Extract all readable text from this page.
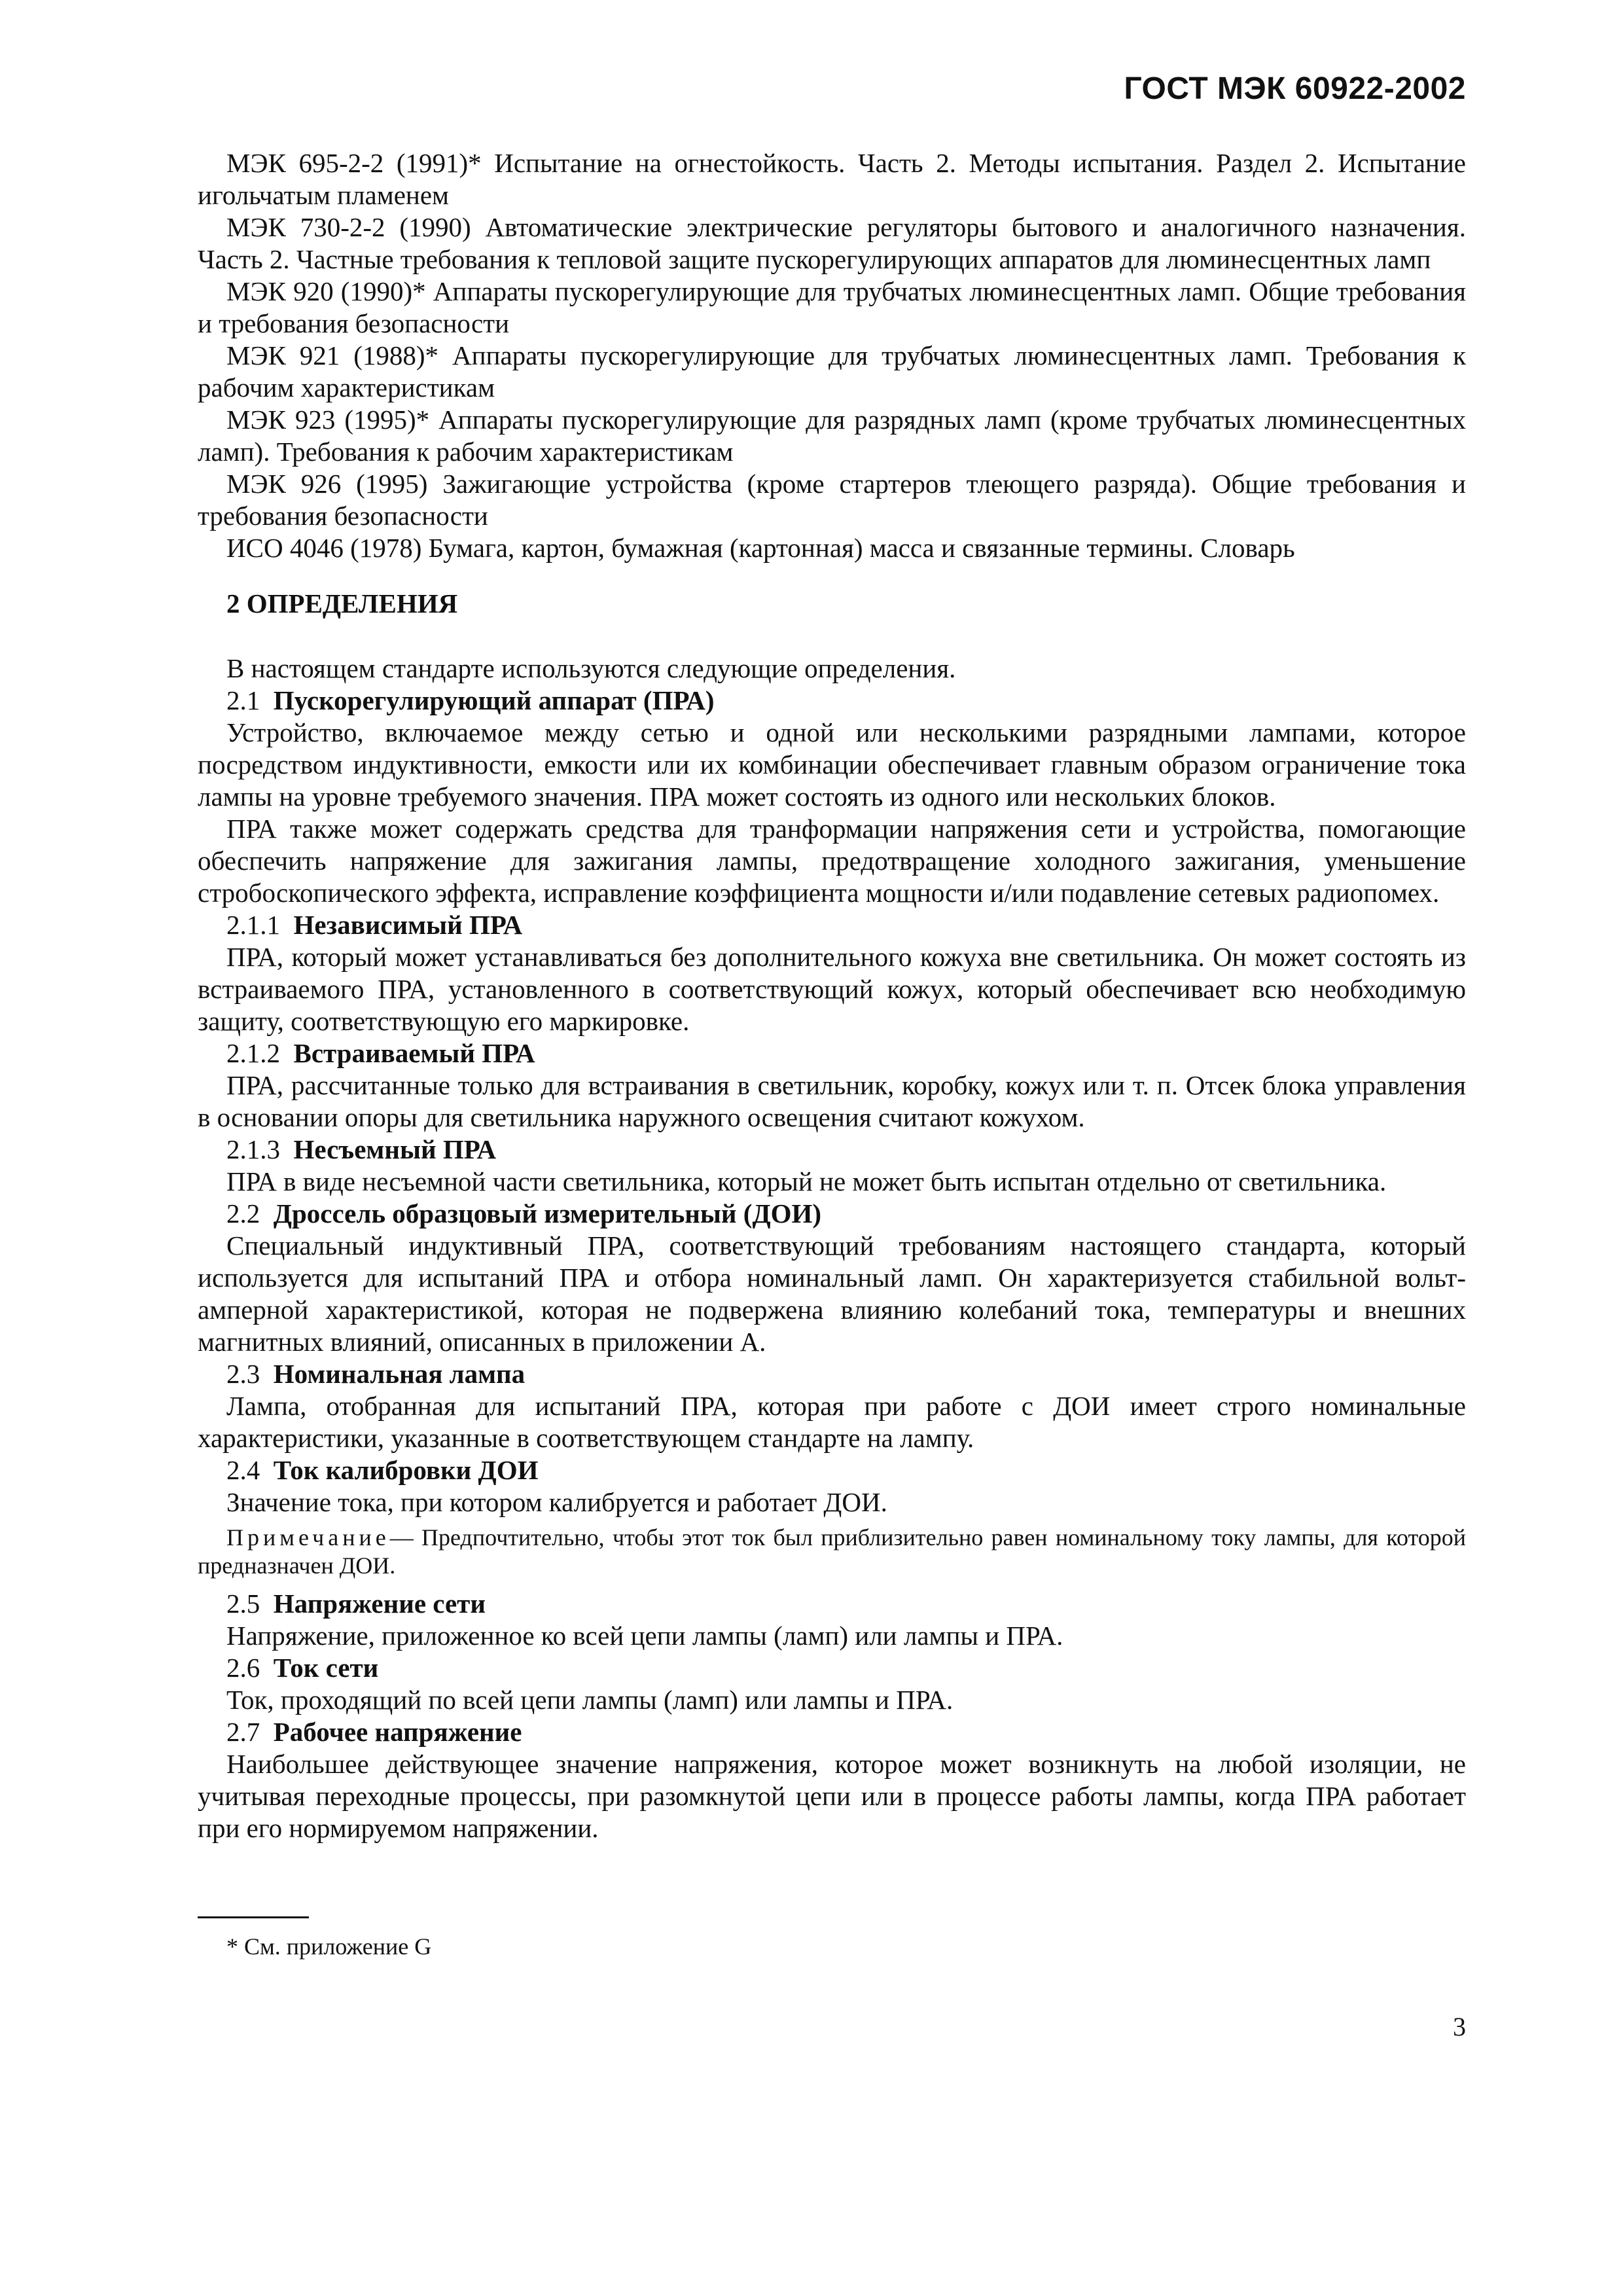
ГОСТ МЭК 60922-2002

МЭК 695-2-2 (1991)* Испытание на огнестойкость. Часть 2. Методы испытания. Раздел 2. Испытание игольчатым пламенем

МЭК 730-2-2 (1990) Автоматические электрические регуляторы бытового и аналогичного назначения. Часть 2. Частные требования к тепловой защите пускорегулирующих аппаратов для люминесцентных ламп

МЭК 920 (1990)* Аппараты пускорегулирующие для трубчатых люминесцентных ламп. Общие требования и требования безопасности

МЭК 921 (1988)* Аппараты пускорегулирующие для трубчатых люминесцентных ламп. Требования к рабочим характеристикам

МЭК 923 (1995)* Аппараты пускорегулирующие для разрядных ламп (кроме трубчатых люминесцентных ламп). Требования к рабочим характеристикам

МЭК 926 (1995) Зажигающие устройства (кроме стартеров тлеющего разряда). Общие требования и требования безопасности

ИСО 4046 (1978) Бумага, картон, бумажная (картонная) масса и связанные термины. Словарь

2 ОПРЕДЕЛЕНИЯ

В настоящем стандарте используются следующие определения.

2.1 Пускорегулирующий аппарат (ПРА)

Устройство, включаемое между сетью и одной или несколькими разрядными лампами, которое посредством индуктивности, емкости или их комбинации обеспечивает главным образом ограничение тока лампы на уровне требуемого значения. ПРА может состоять из одного или нескольких блоков.

ПРА также может содержать средства для транформации напряжения сети и устройства, помогающие обеспечить напряжение для зажигания лампы, предотвращение холодного зажигания, уменьшение стробоскопического эффекта, исправление коэффициента мощности и/или подавление сетевых радиопомех.

2.1.1 Независимый ПРА

ПРА, который может устанавливаться без дополнительного кожуха вне светильника. Он может состоять из встраиваемого ПРА, установленного в соответствующий кожух, который обеспечивает всю необходимую защиту, соответствующую его маркировке.

2.1.2 Встраиваемый ПРА

ПРА, рассчитанные только для встраивания в светильник, коробку, кожух или т. п. Отсек блока управления в основании опоры для светильника наружного освещения считают кожухом.

2.1.3 Несъемный ПРА

ПРА в виде несъемной части светильника, который не может быть испытан отдельно от светильника.

2.2 Дроссель образцовый измерительный (ДОИ)

Специальный индуктивный ПРА, соответствующий требованиям настоящего стандарта, который используется для испытаний ПРА и отбора номинальный ламп. Он характеризуется стабильной вольт-амперной характеристикой, которая не подвержена влиянию колебаний тока, температуры и внешних магнитных влияний, описанных в приложении А.

2.3 Номинальная лампа

Лампа, отобранная для испытаний ПРА, которая при работе с ДОИ имеет строго номинальные характеристики, указанные в соответствующем стандарте на лампу.

2.4 Ток калибровки ДОИ

Значение тока, при котором калибруется и работает ДОИ.

Примечание— Предпочтительно, чтобы этот ток был приблизительно равен номинальному току лампы, для которой предназначен ДОИ.

2.5 Напряжение сети

Напряжение, приложенное ко всей цепи лампы (ламп) или лампы и ПРА.

2.6 Ток сети

Ток, проходящий по всей цепи лампы (ламп) или лампы и ПРА.

2.7 Рабочее напряжение

Наибольшее действующее значение напряжения, которое может возникнуть на любой изоляции, не учитывая переходные процессы, при разомкнутой цепи или в процессе работы лампы, когда ПРА работает при его нормируемом напряжении.

* См. приложение G
3
